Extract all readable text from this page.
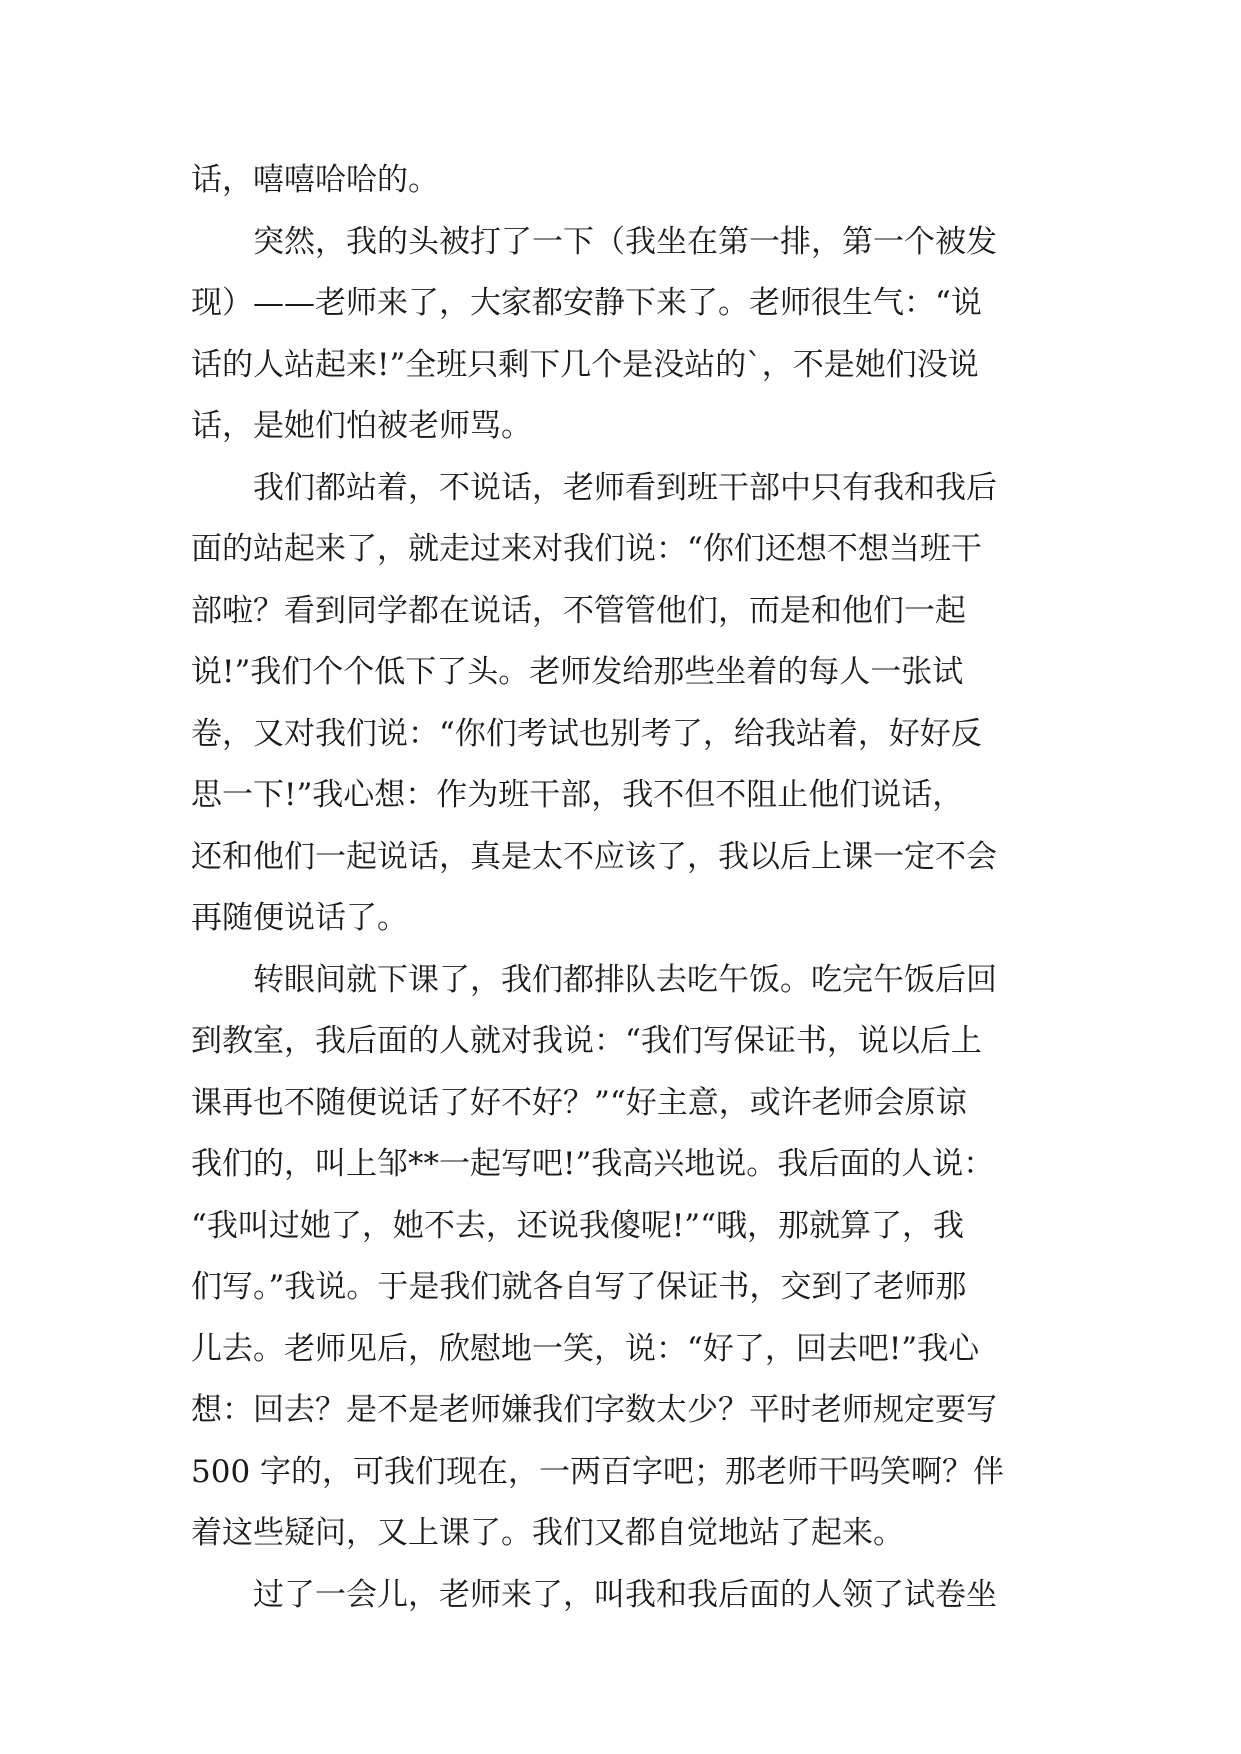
话，嘻嘻哈哈的。
　　突然，我的头被打了一下（我坐在第一排，第一个被发
现）——老师来了，大家都安静下来了。老师很生气：“说
话的人站起来!”全班只剩下几个是没站的`，不是她们没说
话，是她们怕被老师骂。
　　我们都站着，不说话，老师看到班干部中只有我和我后
面的站起来了，就走过来对我们说：“你们还想不想当班干
部啦？看到同学都在说话，不管管他们，而是和他们一起
说!”我们个个低下了头。老师发给那些坐着的每人一张试
卷，又对我们说：“你们考试也别考了，给我站着，好好反
思一下!”我心想：作为班干部，我不但不阻止他们说话，
还和他们一起说话，真是太不应该了，我以后上课一定不会
再随便说话了。
　　转眼间就下课了，我们都排队去吃午饭。吃完午饭后回
到教室，我后面的人就对我说：“我们写保证书，说以后上
课再也不随便说话了好不好？”“好主意，或许老师会原谅
我们的，叫上邹**一起写吧!”我高兴地说。我后面的人说：
“我叫过她了，她不去，还说我傻呢!”“哦，那就算了，我
们写。”我说。于是我们就各自写了保证书，交到了老师那
儿去。老师见后，欣慰地一笑，说：“好了，回去吧!”我心
想：回去？是不是老师嫌我们字数太少？平时老师规定要写
500 字的，可我们现在，一两百字吧；那老师干吗笑啊？伴
着这些疑问，又上课了。我们又都自觉地站了起来。
　　过了一会儿，老师来了，叫我和我后面的人领了试卷坐
